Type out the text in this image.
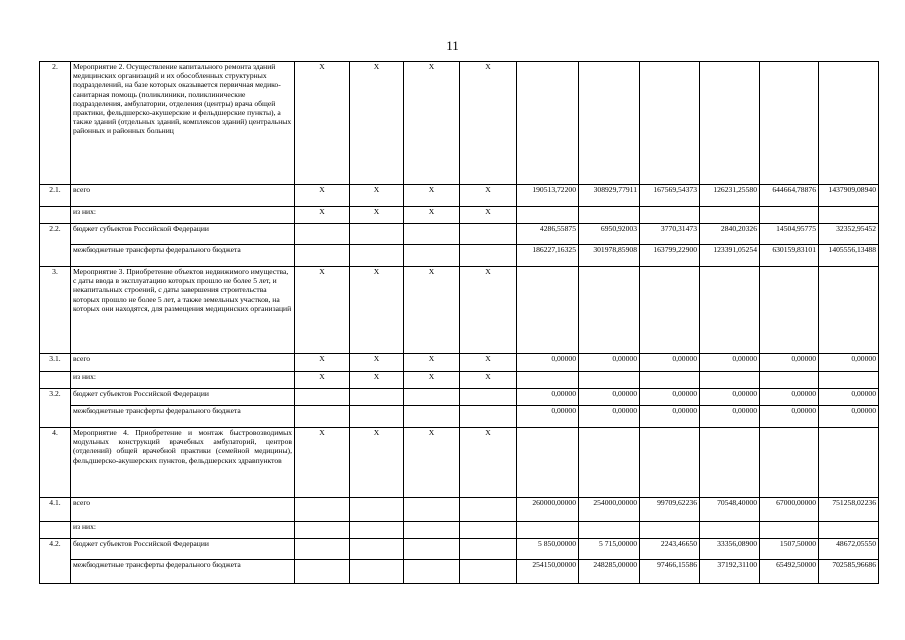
11
2.	Мероприятие 2. Осуществление капитального ремонта зданий медицинских организаций и их обособленных структурных подразделений, на базе которых оказывается первичная медико-санитарная помощь (поликлиники, поликлинические подразделения, амбулатории, отделения (центры) врача общей практики, фельдшерско-акушерские и фельдшерские пункты), а также зданий (отдельных зданий, комплексов зданий) центральных районных и районных больниц	Х	Х	Х	Х						
2.1.	всего	Х	Х	Х	Х	190513,72200	308929,77911	167569,54373	126231,25580	644664,78876	1437909,08940
	из них:	Х	Х	Х	Х						
2.2.	бюджет субъектов Российской Федерации					4286,55875	6950,92003	3770,31473	2840,20326	14504,95775	32352,95452
	межбюджетные трансферты федерального бюджета					186227,16325	301978,85908	163799,22900	123391,05254	630159,83101	1405556,13488
3.	Мероприятие 3. Приобретение объектов недвижимого имущества, с даты ввода в эксплуатацию которых прошло не более 5 лет, и некапитальных строений, с даты завершения строительства которых прошло не более 5 лет, а также земельных участков, на которых они находятся, для размещения медицинских организаций	Х	Х	Х	Х						
3.1.	всего	Х	Х	Х	Х	0,00000	0,00000	0,00000	0,00000	0,00000	0,00000
	из них:	Х	Х	Х	Х						
3.2.	бюджет субъектов Российской Федерации					0,00000	0,00000	0,00000	0,00000	0,00000	0,00000
	межбюджетные трансферты федерального бюджета					0,00000	0,00000	0,00000	0,00000	0,00000	0,00000
4.	Мероприятие 4. Приобретение и монтаж быстровозводимых модульных конструкций врачебных амбулаторий, центров (отделений) общей врачебной практики (семейной медицины), фельдшерско-акушерских пунктов, фельдшерских здравпунктов	Х	Х	Х	Х						
4.1.	всего					260000,00000	254000,00000	99709,62236	70548,40000	67000,00000	751258,02236
	из них:										
4.2.	бюджет субъектов Российской Федерации					5 850,00000	5 715,00000	2243,46650	33356,08900	1507,50000	48672,05550
	межбюджетные трансферты федерального бюджета					254150,00000	248285,00000	97466,15586	37192,31100	65492,50000	702585,96686
